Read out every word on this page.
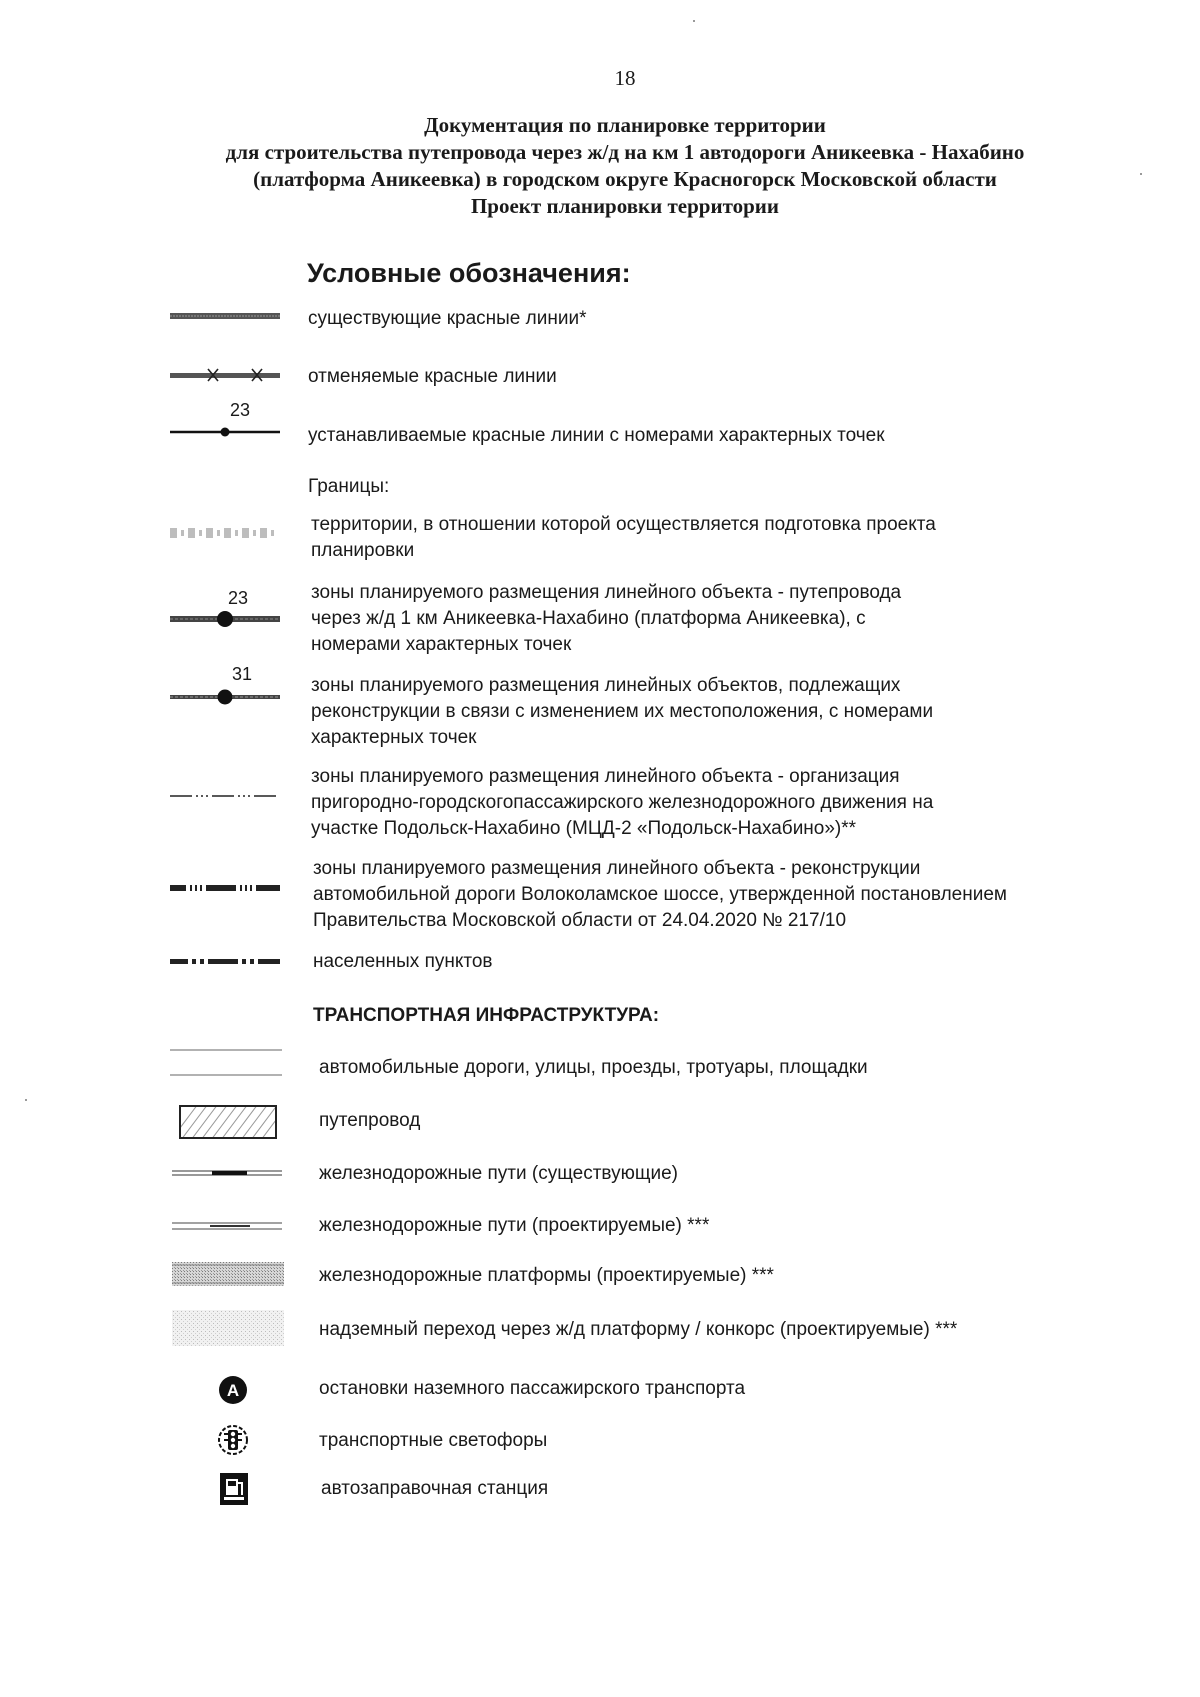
18
Документация по планировке территории
для строительства путепровода через ж/д на км 1 автодороги Аникеевка - Нахабино
(платформа Аникеевка) в городском округе Красногорск Московской области
Проект планировки территории
Условные обозначения:
существующие красные линии*
отменяемые красные линии
23
устанавливаемые красные линии с номерами характерных точек
Границы:
территории, в отношении которой осуществляется подготовка проекта
планировки
23	зоны планируемого размещения линейного объекта - путепровода
через ж/д 1 км Аникеевка-Нахабино (платформа Аникеевка), с
номерами характерных точек
31
зоны планируемого размещения линейных объектов, подлежащих
реконструкции в связи с изменением их местоположения, с номерами
характерных точек
зоны планируемого размещения линейного объекта - организация
пригородно-городскогопассажирского железнодорожного движения на
участке Подольск-Нахабино (МЦД-2 «Подольск-Нахабино»)**
зоны планируемого размещения линейного объекта - реконструкции
автомобильной дороги Волоколамское шоссе, утвержденной постановлением
Правительства Московской области от 24.04.2020 № 217/10
населенных пунктов
ТРАНСПОРТНАЯ ИНФРАСТРУКТУРА:
автомобильные дороги, улицы, проезды, тротуары, площадки
путепровод
железнодорожные пути (существующие)
железнодорожные пути (проектируемые) ***
железнодорожные платформы (проектируемые) ***
надземный переход через ж/д платформу / конкорс (проектируемые) ***
A	остановки наземного пассажирского транспорта
транспортные светофоры
автозаправочная станция
